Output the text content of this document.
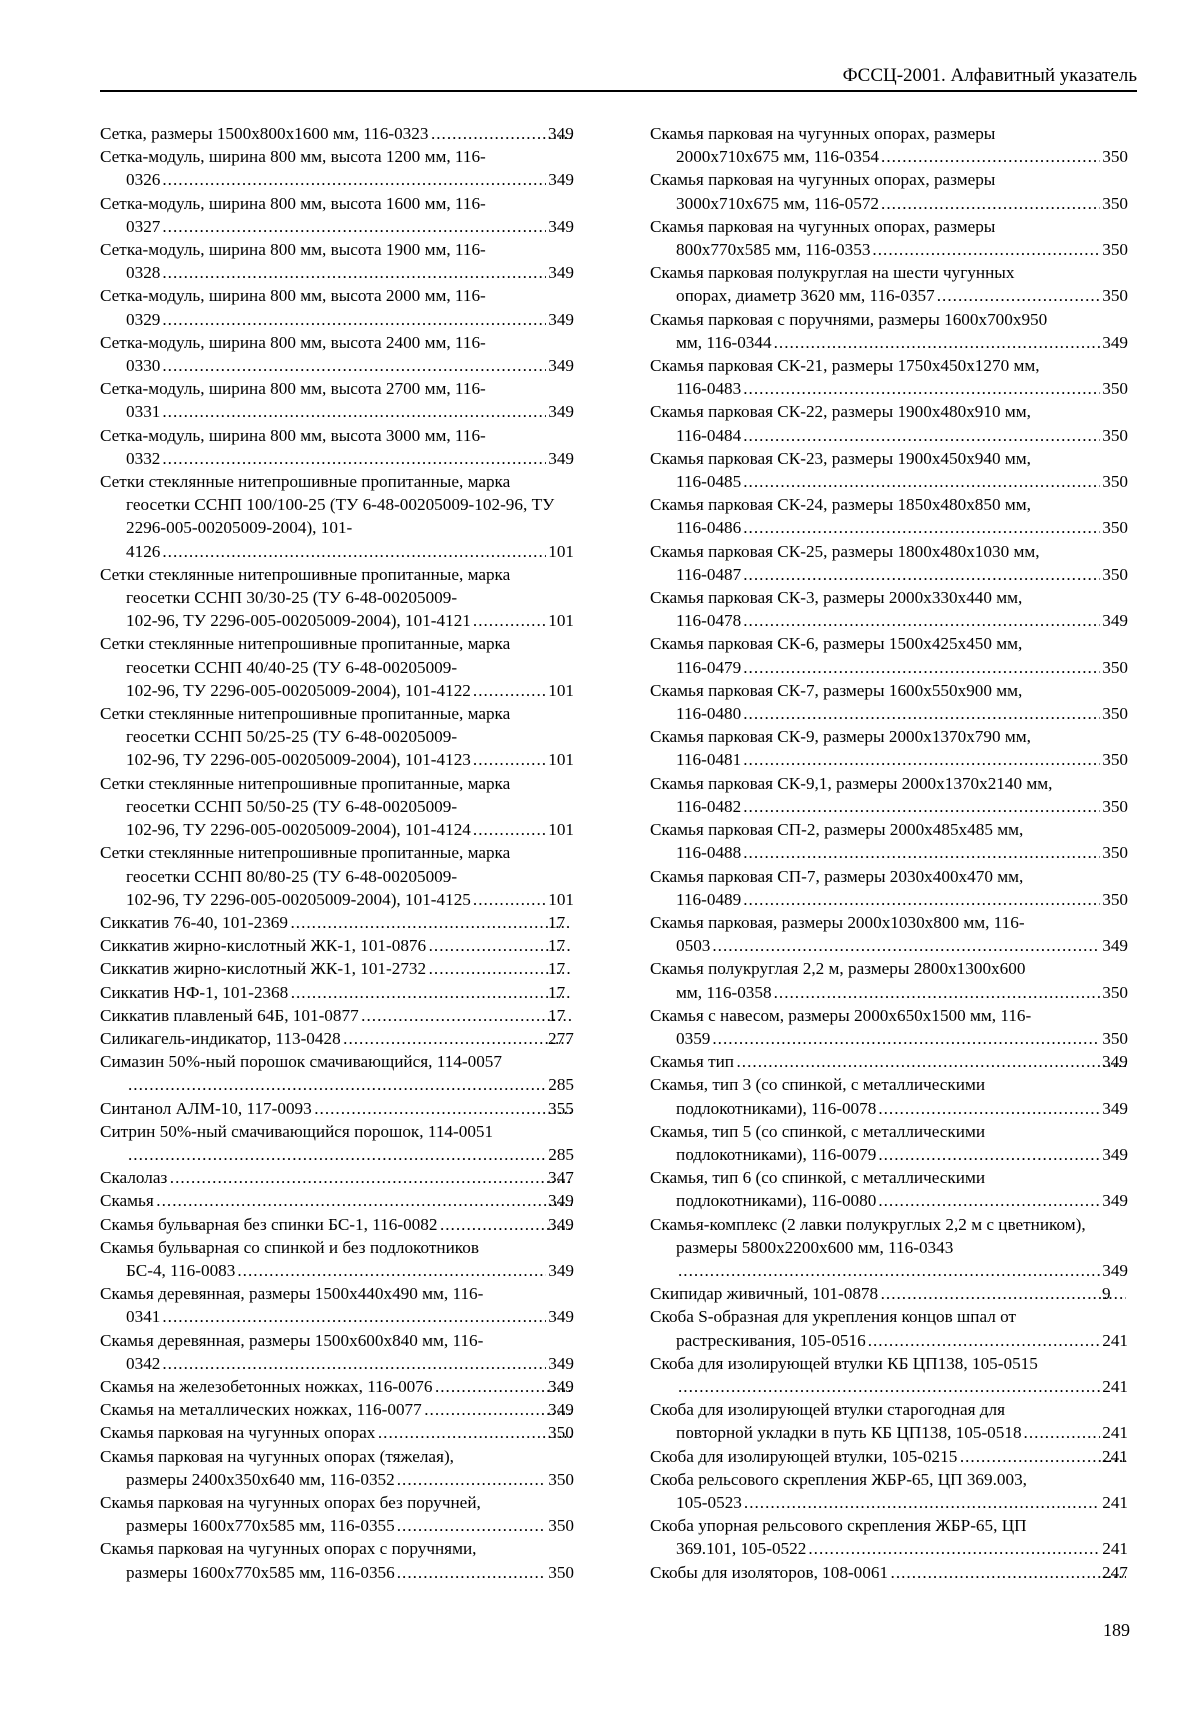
ФССЦ-2001. Алфавитный указатель
Сетка, размеры 1500x800x1600 мм, 116-0323 .....	349
Сетка-модуль, ширина 800 мм, высота 1200 мм, 116-
0326 .....	349
Сетка-модуль, ширина 800 мм, высота 1600 мм, 116-
0327 .....	349
Сетка-модуль, ширина 800 мм, высота 1900 мм, 116-
0328 .....	349
Сетка-модуль, ширина 800 мм, высота 2000 мм, 116-
0329 .....	349
Сетка-модуль, ширина 800 мм, высота 2400 мм, 116-
0330 .....	349
Сетка-модуль, ширина 800 мм, высота 2700 мм, 116-
0331 .....	349
Сетка-модуль, ширина 800 мм, высота 3000 мм, 116-
0332 .....	349
Сетки стеклянные нитепрошивные пропитанные, марка геосетки ССНП 100/100-25 (ТУ 6-48-00205009-102-96, ТУ 2296-005-00205009-2004), 101-
4126 .....	101
Сетки стеклянные нитепрошивные пропитанные, марка геосетки ССНП 30/30-25 (ТУ 6-48-00205009-
102-96, ТУ 2296-005-00205009-2004), 101-4121 .....	101
Сетки стеклянные нитепрошивные пропитанные, марка геосетки ССНП 40/40-25 (ТУ 6-48-00205009-
102-96, ТУ 2296-005-00205009-2004), 101-4122 .....	101
Сетки стеклянные нитепрошивные пропитанные, марка геосетки ССНП 50/25-25 (ТУ 6-48-00205009-
102-96, ТУ 2296-005-00205009-2004), 101-4123 .....	101
Сетки стеклянные нитепрошивные пропитанные, марка геосетки ССНП 50/50-25 (ТУ 6-48-00205009-
102-96, ТУ 2296-005-00205009-2004), 101-4124 .....	101
Сетки стеклянные нитепрошивные пропитанные, марка геосетки ССНП 80/80-25 (ТУ 6-48-00205009-
102-96, ТУ 2296-005-00205009-2004), 101-4125 .....	101
Сиккатив 76-40, 101-2369 .....	17
Сиккатив жирно-кислотный ЖК-1, 101-0876 .....	17
Сиккатив жирно-кислотный ЖК-1, 101-2732 .....	17
Сиккатив НФ-1, 101-2368 .....	17
Сиккатив плавленый 64Б, 101-0877 .....	17
Силикагель-индикатор, 113-0428 .....	277
Симазин 50%-ный порошок смачивающийся, 114-0057
.....
285
Синтанол АЛМ-10, 117-0093 .....	355
Ситрин 50%-ный смачивающийся порошок, 114-0051
.....
285
Скалолаз .....	347
Скамья .....	349
Скамья бульварная без спинки БС-1, 116-0082 .....	349
Скамья бульварная со спинкой и без подлокотников
БС-4, 116-0083 .....	349
Скамья деревянная, размеры 1500x440x490 мм, 116-
0341 .....	349
Скамья деревянная, размеры 1500x600x840 мм, 116-
0342 .....	349
Скамья на железобетонных ножках, 116-0076 .....	349
Скамья на металлических ножках, 116-0077 .....	349
Скамья парковая на чугунных опорах .....	350
Скамья парковая на чугунных опорах (тяжелая),
размеры 2400x350x640 мм, 116-0352 .....	350
Скамья парковая на чугунных опорах без поручней,
размеры 1600x770x585 мм, 116-0355 .....	350
Скамья парковая на чугунных опорах с поручнями,
размеры 1600x770x585 мм, 116-0356 .....	350
Скамья парковая на чугунных опорах, размеры
2000x710x675 мм, 116-0354 .....	350
Скамья парковая на чугунных опорах, размеры
3000x710x675 мм, 116-0572 .....	350
Скамья парковая на чугунных опорах, размеры
800x770x585 мм, 116-0353 .....	350
Скамья парковая полукруглая на шести чугунных
опорах, диаметр 3620 мм, 116-0357 .....	350
Скамья парковая с поручнями, размеры 1600x700x950
мм, 116-0344 .....	349
Скамья парковая СК-21, размеры 1750x450x1270 мм,
116-0483 .....	350
Скамья парковая СК-22, размеры 1900x480x910 мм,
116-0484 .....	350
Скамья парковая СК-23, размеры 1900x450x940 мм,
116-0485 .....	350
Скамья парковая СК-24, размеры 1850x480x850 мм,
116-0486 .....	350
Скамья парковая СК-25, размеры 1800x480x1030 мм,
116-0487 .....	350
Скамья парковая СК-3, размеры 2000x330x440 мм,
116-0478 .....	349
Скамья парковая СК-6, размеры 1500x425x450 мм,
116-0479 .....	350
Скамья парковая СК-7, размеры 1600x550x900 мм,
116-0480 .....	350
Скамья парковая СК-9, размеры 2000x1370x790 мм,
116-0481 .....	350
Скамья парковая СК-9,1, размеры 2000x1370x2140 мм,
116-0482 .....	350
Скамья парковая СП-2, размеры 2000x485x485 мм,
116-0488 .....	350
Скамья парковая СП-7, размеры 2030x400x470 мм,
116-0489 .....	350
Скамья парковая, размеры 2000x1030x800 мм, 116-
0503 .....	349
Скамья полукруглая 2,2 м, размеры 2800x1300x600
мм, 116-0358 .....	350
Скамья с навесом, размеры 2000x650x1500 мм, 116-
0359 .....	350
Скамья тип .....	349
Скамья, тип 3 (со спинкой, с металлическими
подлокотниками), 116-0078 .....	349
Скамья, тип 5 (со спинкой, с металлическими
подлокотниками), 116-0079 .....	349
Скамья, тип 6 (со спинкой, с металлическими
подлокотниками), 116-0080 .....	349
Скамья-комплекс (2 лавки полукруглых 2,2 м с цветником), размеры 5800x2200x600 мм, 116-0343
.....
349
Скипидар живичный, 101-0878 .....	9
Скоба S-образная для укрепления концов шпал от
растрескивания, 105-0516 .....	241
Скоба для изолирующей втулки КБ ЦП138, 105-0515
.....
241
Скоба для изолирующей втулки старогодная для
повторной укладки в путь КБ ЦП138, 105-0518 .....	241
Скоба для изолирующей втулки, 105-0215 .....	241
Скоба рельсового скрепления ЖБР-65, ЦП 369.003,
105-0523 .....	241
Скоба упорная рельсового скрепления ЖБР-65, ЦП
369.101, 105-0522 .....	241
Скобы для изоляторов, 108-0061 .....	247
189
